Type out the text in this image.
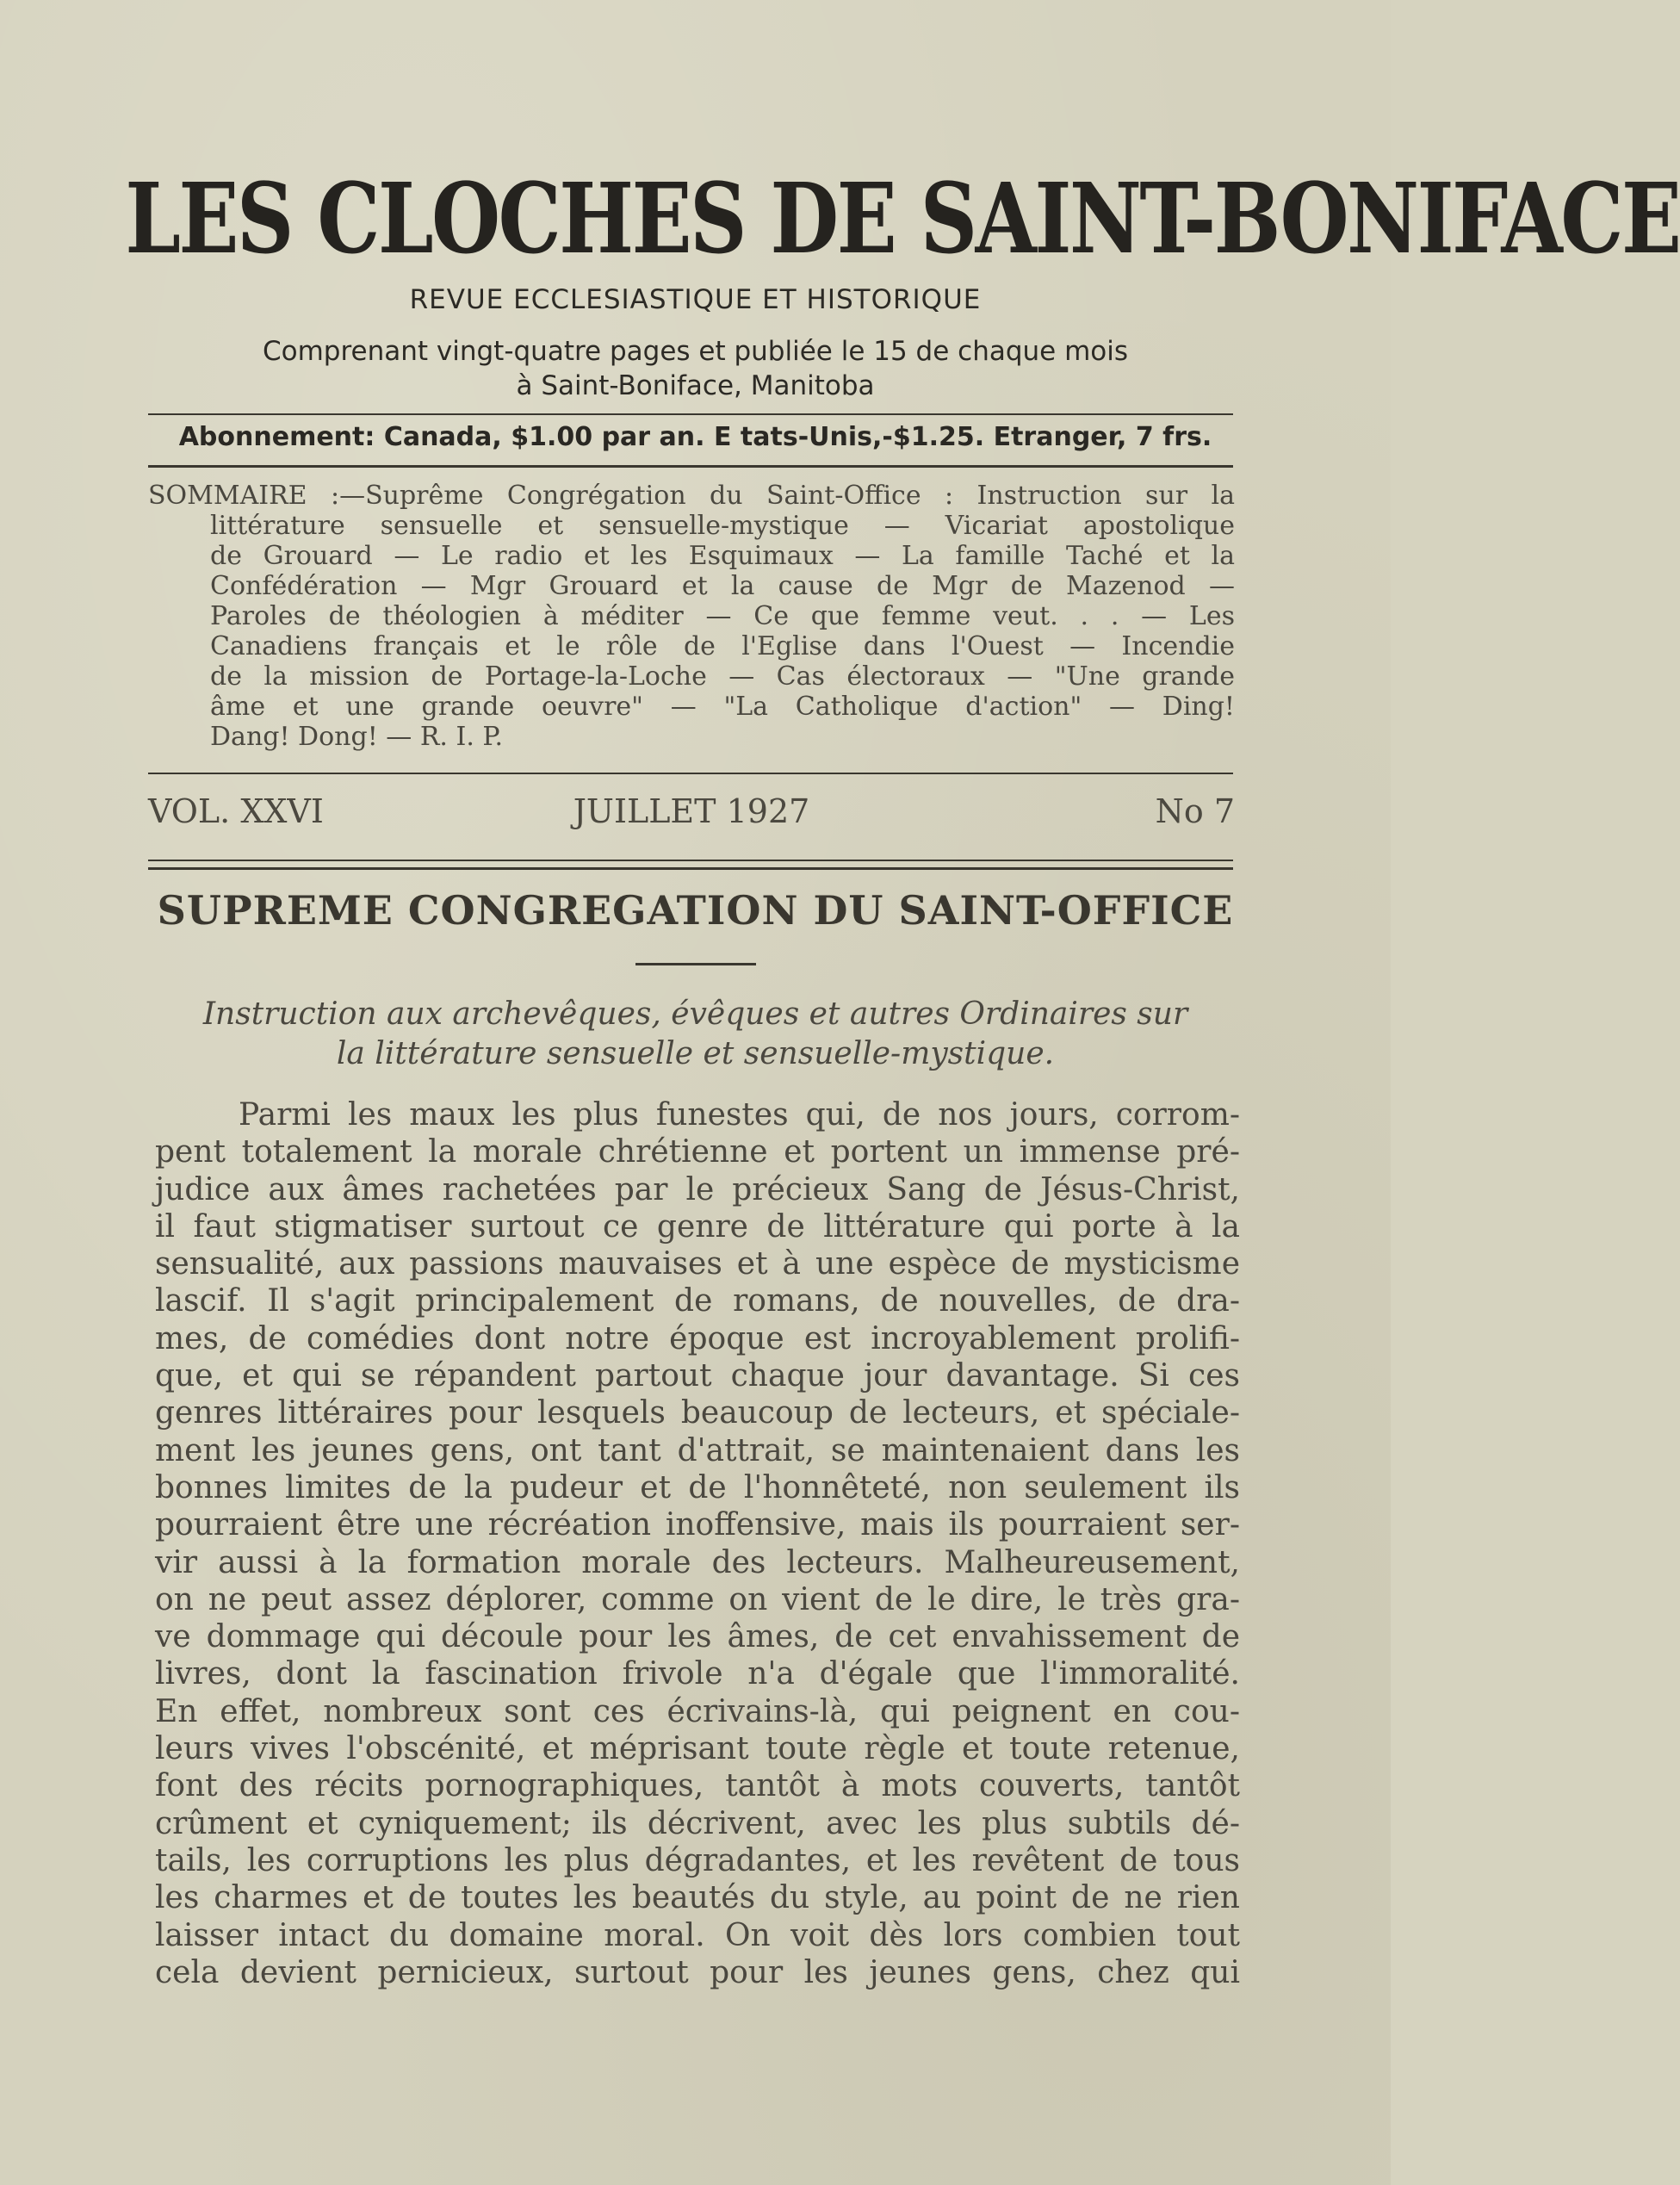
LES CLOCHES DE SAINT-BONIFACE
REVUE ECCLESIASTIQUE ET HISTORIQUE
Comprenant vingt-quatre pages et publiée le 15 de chaque mois
à Saint-Boniface, Manitoba
Abonnement: Canada, $1.00 par an. E tats-Unis,-$1.25. Etranger, 7 frs.
SOMMAIRE :—Suprême Congrégation du Saint-Office : Instruction sur la
littérature sensuelle et sensuelle-mystique — Vicariat apostolique
de Grouard — Le radio et les Esquimaux — La famille Taché et la
Confédération — Mgr Grouard et la cause de Mgr de Mazenod —
Paroles de théologien à méditer — Ce que femme veut. . . — Les
Canadiens français et le rôle de l'Eglise dans l'Ouest — Incendie
de la mission de Portage-la-Loche — Cas électoraux — "Une grande
âme et une grande oeuvre" — "La Catholique d'action" — Ding!
Dang! Dong! — R. I. P.
VOL. XXVI	JUILLET 1927	No 7
SUPREME CONGREGATION DU SAINT-OFFICE
Instruction aux archevêques, évêques et autres Ordinaires sur
la littérature sensuelle et sensuelle-mystique.
Parmi les maux les plus funestes qui, de nos jours, corrom-
pent totalement la morale chrétienne et portent un immense pré-
judice aux âmes rachetées par le précieux Sang de Jésus-Christ,
il faut stigmatiser surtout ce genre de littérature qui porte à la
sensualité, aux passions mauvaises et à une espèce de mysticisme
lascif. Il s'agit principalement de romans, de nouvelles, de dra-
mes, de comédies dont notre époque est incroyablement prolifi-
que, et qui se répandent partout chaque jour davantage. Si ces
genres littéraires pour lesquels beaucoup de lecteurs, et spéciale-
ment les jeunes gens, ont tant d'attrait, se maintenaient dans les
bonnes limites de la pudeur et de l'honnêteté, non seulement ils
pourraient être une récréation inoffensive, mais ils pourraient ser-
vir aussi à la formation morale des lecteurs. Malheureusement,
on ne peut assez déplorer, comme on vient de le dire, le très gra-
ve dommage qui découle pour les âmes, de cet envahissement de
livres, dont la fascination frivole n'a d'égale que l'immoralité.
En effet, nombreux sont ces écrivains-là, qui peignent en cou-
leurs vives l'obscénité, et méprisant toute règle et toute retenue,
font des récits pornographiques, tantôt à mots couverts, tantôt
crûment et cyniquement; ils décrivent, avec les plus subtils dé-
tails, les corruptions les plus dégradantes, et les revêtent de tous
les charmes et de toutes les beautés du style, au point de ne rien
laisser intact du domaine moral. On voit dès lors combien tout
cela devient pernicieux, surtout pour les jeunes gens, chez qui
